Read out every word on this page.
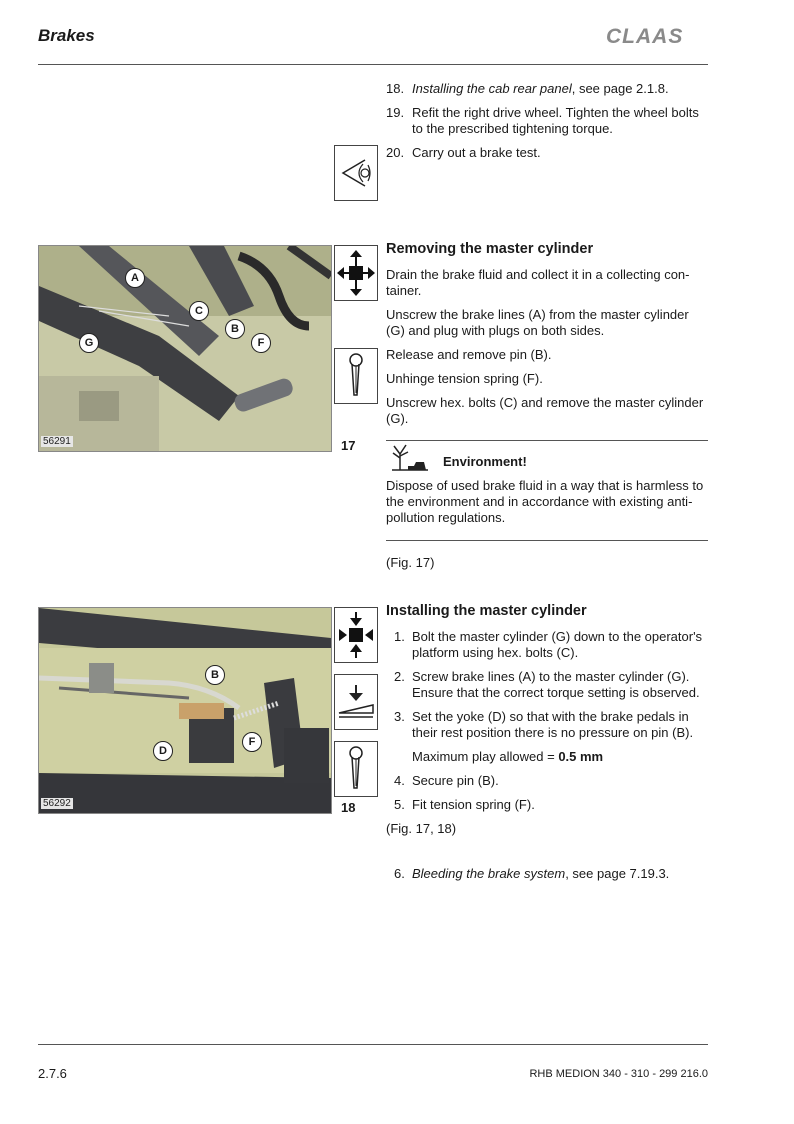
Brakes	CLAAS
18. Installing the cab rear panel, see page 2.1.8.
19. Refit the right drive wheel. Tighten the wheel bolts to the prescribed tightening torque.
20. Carry out a brake test.
A
C
B
G	F
56291	17
Removing the master cylinder
Drain the brake fluid and collect it in a collecting con- tainer.
Unscrew the brake lines (A) from the master cylinder (G) and plug with plugs on both sides.
Release and remove pin (B).
Unhinge tension spring (F).
Unscrew hex. bolts (C) and remove the master cylinder (G).
Environment!
Dispose of used brake fluid in a way that is harmless to the environment and in accordance with existing anti-pollution regulations.
(Fig. 17)
B
D
F
56292	18
Installing the master cylinder
1. Bolt the master cylinder (G) down to the operator's platform using hex. bolts (C).
2. Screw brake lines (A) to the master cylinder (G). Ensure that the correct torque setting is observed.
3. Set the yoke (D) so that with the brake pedals in their rest position there is no pressure on pin (B).
Maximum play allowed = 0.5 mm
4. Secure pin (B).
5. Fit tension spring (F).
(Fig. 17, 18)
6. Bleeding the brake system, see page 7.19.3.
2.7.6	RHB MEDION 340 - 310 - 299 216.0
